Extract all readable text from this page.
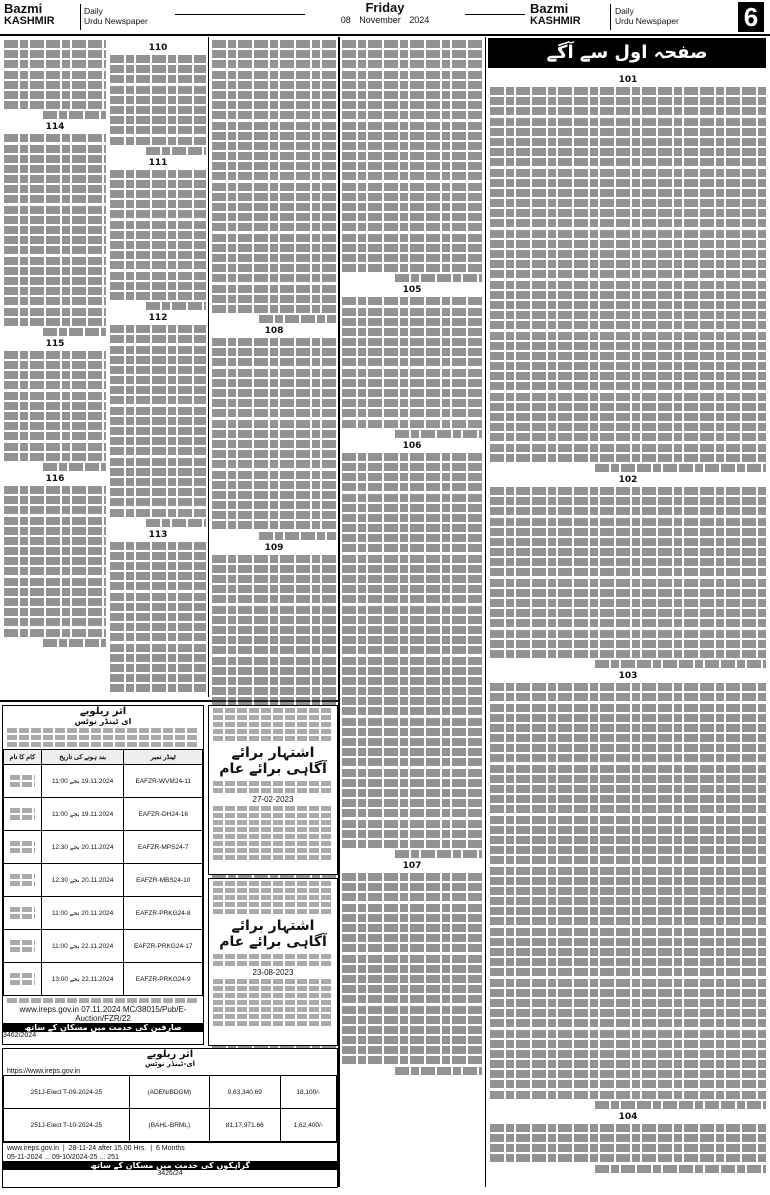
Bazmi
KASHMIR
Daily
Urdu Newspaper
Friday
08 November 2024
Bazmi
KASHMIR
Daily
Urdu Newspaper 6
صفحہ اول سے آگے
101
102
103
104
105
106
107
108
109
110
111
112
113
114
115
116
اثر ریلویے
ای ٹینڈر نوٹس
ٹینڈر نمبر	بند ہونے کی تاریخ	کام کا نام
EAFZR-WVM24-11	19.11.2024 بجے 11:00	

EAFZR-DH24-16	19.11.2024 بجے 11:00	

EAFZR-MPS24-7	20.11.2024 بجے 12:30	

EAFZR-MBS24-10	20.11.2024 بجے 12:30	

EAFZR-PRKG24-8	20.11.2024 بجے 11:00	

EAFZR-PRKG24-17	22.11.2024 بجے 11:00	

EAFZR-PRKG24-9	22.11.2024 بجے 13:00	
www.ireps.gov.in 07.11.2024 MC/38015/Pub/E-Auction/FZR/22
صارفین کی خدمت میں مسکان کے ساتھ
3462/2024
اشتہار برائے آگاہی برائے عام
27-02-2023
اشتہار برائے آگاہی برائے عام
23-08-2023
اثر ریلویے
ای-ٹینڈر نوٹس
https://www.ireps.gov.in
251J-Elect T-09-2024-25	(ADEN/BDGM)	9,63,340.69	18,100/-
251J-Elect T-10-2024-25	(BAHL-BRML)	81,17,971.66	1,62,400/-
www.ireps.gov.in  |  28-11-24 after 15.00 Hrs.  |  6 Months
05-11-2024 ... 09-10/2024-25 ... 251
گراہکوں کی خدمت میں مسکان کے ساتھ
3426/24
